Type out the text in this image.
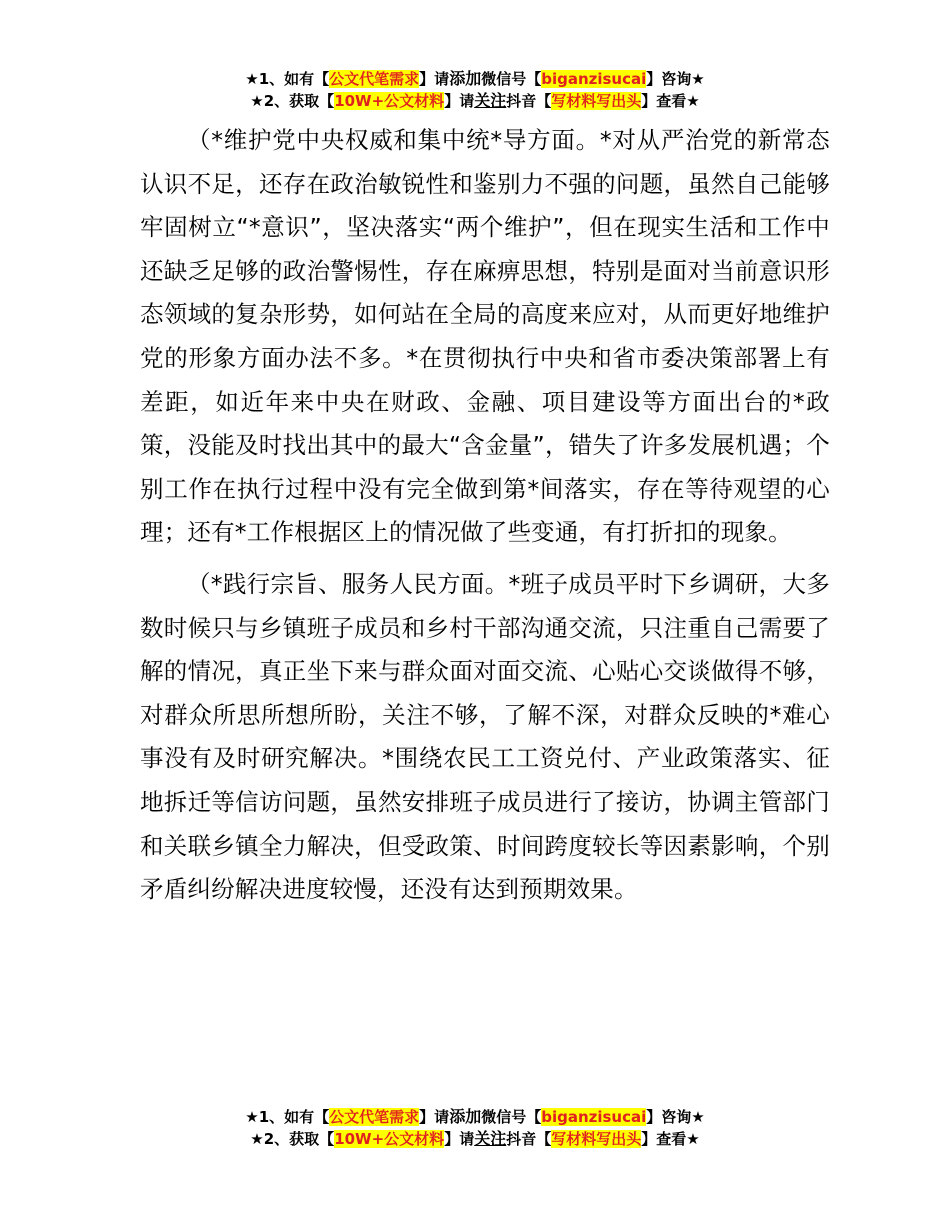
★1、如有【公文代笔需求】请添加微信号【biganzisucai】咨询★
★2、获取【10W+公文材料】请关注抖音【写材料写出头】查看★

（*维护党中央权威和集中统*导方面。*对从严治党的新常态认识不足，还存在政治敏锐性和鉴别力不强的问题，虽然自己能够牢固树立“*意识”，坚决落实“两个维护”，但在现实生活和工作中还缺乏足够的政治警惕性，存在麻痹思想，特别是面对当前意识形态领域的复杂形势，如何站在全局的高度来应对，从而更好地维护党的形象方面办法不多。*在贯彻执行中央和省市委决策部署上有差距，如近年来中央在财政、金融、项目建设等方面出台的*政策，没能及时找出其中的最大“含金量”，错失了许多发展机遇；个别工作在执行过程中没有完全做到第*间落实，存在等待观望的心理；还有*工作根据区上的情况做了些变通，有打折扣的现象。

（*践行宗旨、服务人民方面。*班子成员平时下乡调研，大多数时候只与乡镇班子成员和乡村干部沟通交流，只注重自己需要了解的情况，真正坐下来与群众面对面交流、心贴心交谈做得不够，对群众所思所想所盼，关注不够，了解不深，对群众反映的*难心事没有及时研究解决。*围绕农民工工资兑付、产业政策落实、征地拆迁等信访问题，虽然安排班子成员进行了接访，协调主管部门和关联乡镇全力解决，但受政策、时间跨度较长等因素影响，个别矛盾纠纷解决进度较慢，还没有达到预期效果。

★1、如有【公文代笔需求】请添加微信号【biganzisucai】咨询★
★2、获取【10W+公文材料】请关注抖音【写材料写出头】查看★
